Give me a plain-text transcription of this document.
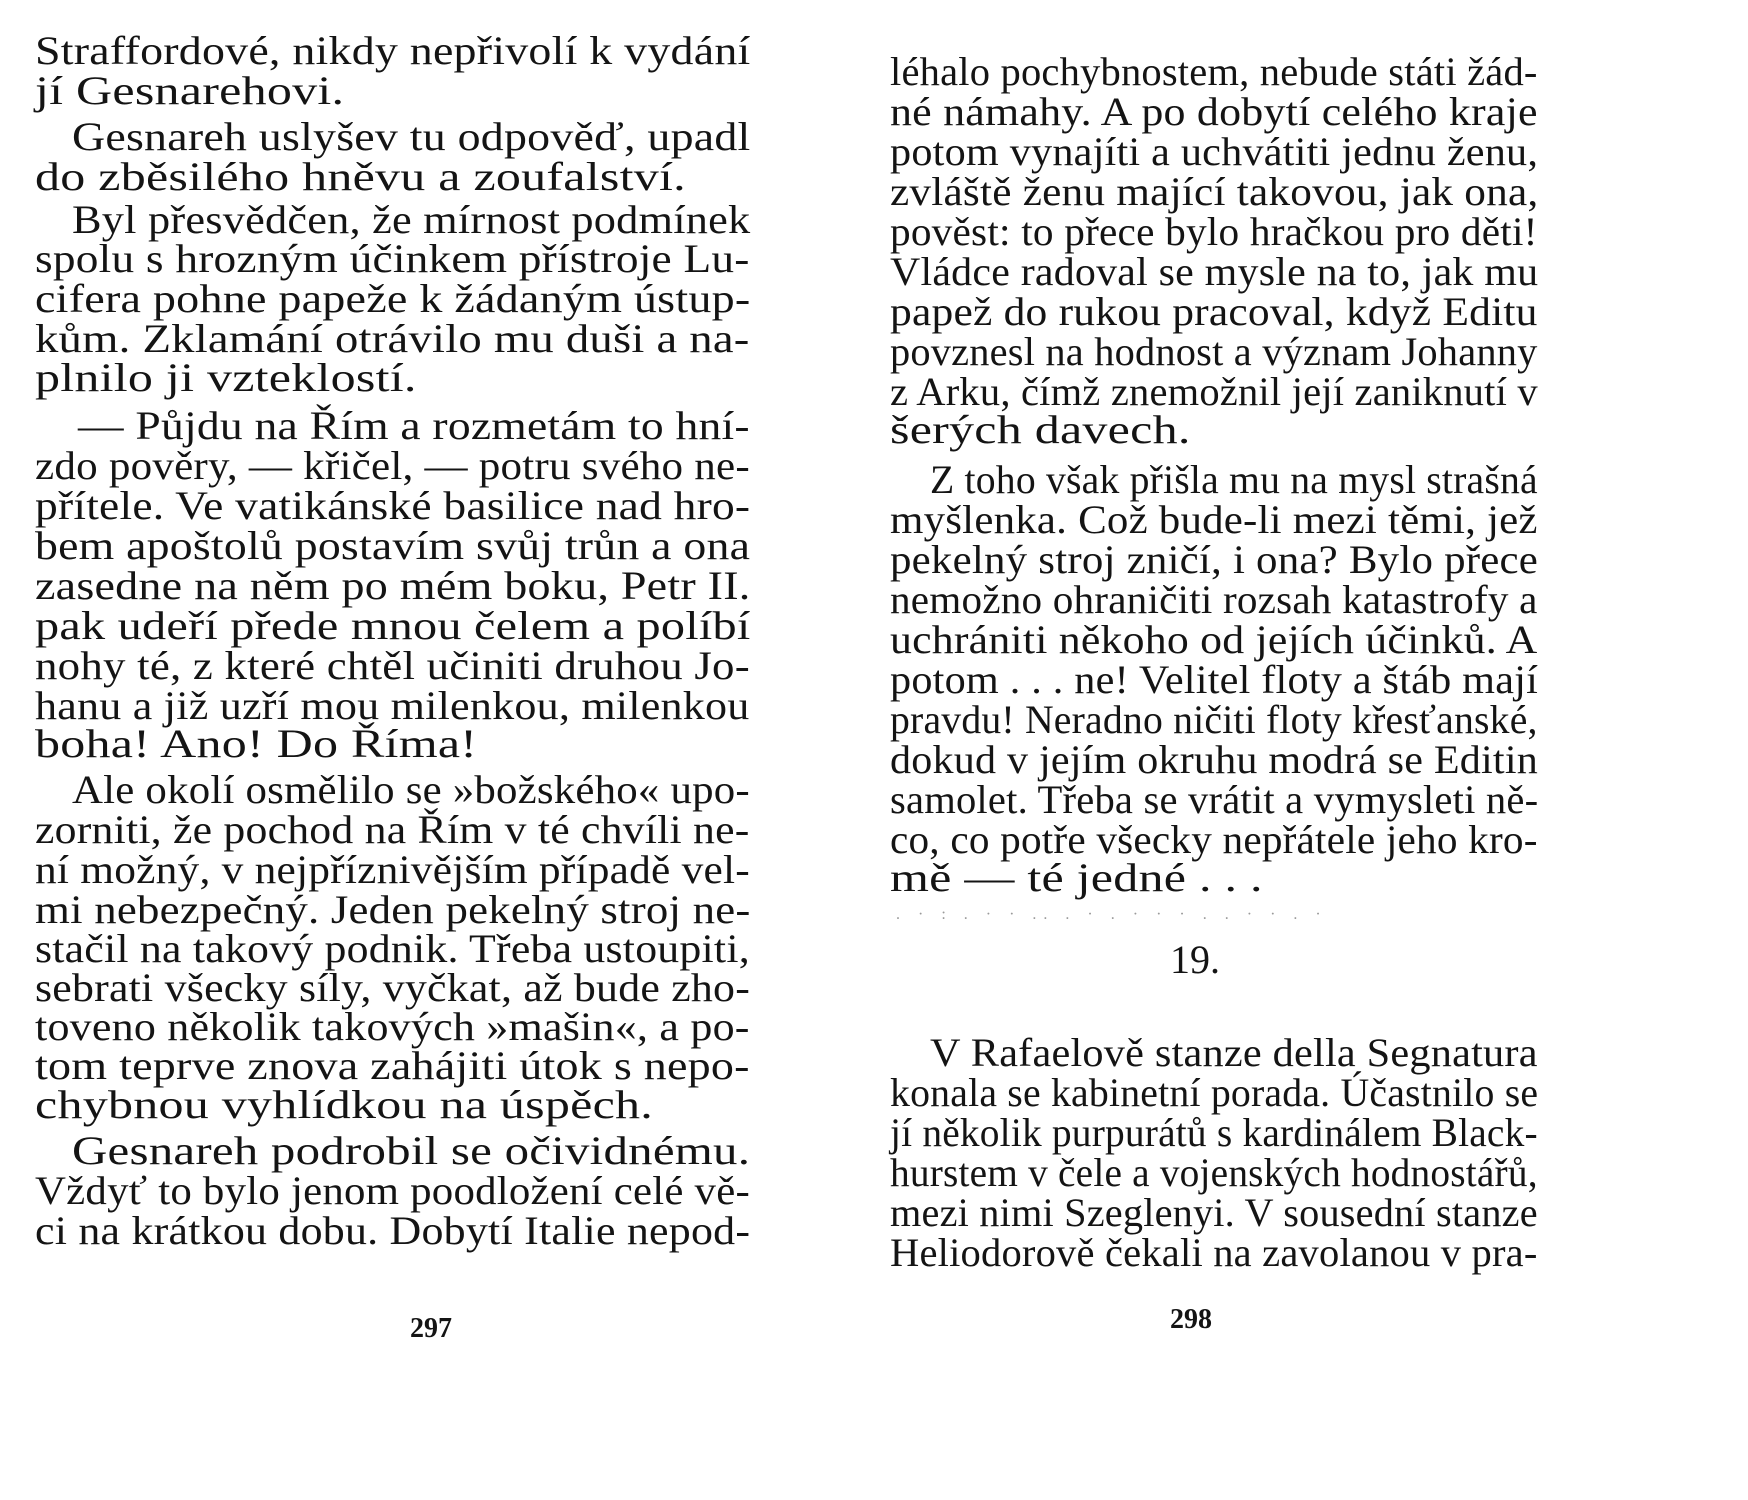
Straffordové, nikdy nepřivolí k vydání
jí Gesnarehovi.
Gesnareh uslyšev tu odpověď, upadl
do zběsilého hněvu a zoufalství.
Byl přesvědčen, že mírnost podmínek
spolu s hrozným účinkem přístroje Lu-
cifera pohne papeže k žádaným ústup-
kům. Zklamání otrávilo mu duši a na-
plnilo ji vzteklostí.
— Půjdu na Řím a rozmetám to hní-
zdo pověry, — křičel, — potru svého ne-
přítele. Ve vatikánské basilice nad hro-
bem apoštolů postavím svůj trůn a ona
zasedne na něm po mém boku, Petr II.
pak udeří přede mnou čelem a políbí
nohy té, z které chtěl učiniti druhou Jo-
hanu a již uzří mou milenkou, milenkou
boha! Ano! Do Říma!
Ale okolí osmělilo se »božského« upo-
zorniti, že pochod na Řím v té chvíli ne-
ní možný, v nejpříznivějším případě vel-
mi nebezpečný. Jeden pekelný stroj ne-
stačil na takový podnik. Třeba ustoupiti,
sebrati všecky síly, vyčkat, až bude zho-
toveno několik takových »mašin«, a po-
tom teprve znova zahájiti útok s nepo-
chybnou vyhlídkou na úspěch.
Gesnareh podrobil se očividnému.
Vždyť to bylo jenom poodložení celé vě-
ci na krátkou dobu. Dobytí Italie nepod-
297
léhalo pochybnostem, nebude státi žád-
né námahy. A po dobytí celého kraje
potom vynajíti a uchvátiti jednu ženu,
zvláště ženu mající takovou, jak ona,
pověst: to přece bylo hračkou pro děti!
Vládce radoval se mysle na to, jak mu
papež do rukou pracoval, když Editu
povznesl na hodnost a význam Johanny
z Arku, čímž znemožnil její zaniknutí v
šerých davech.
Z toho však přišla mu na mysl strašná
myšlenka. Což bude-li mezi těmi, jež
pekelný stroj zničí, i ona? Bylo přece
nemožno ohraničiti rozsah katastrofy a
uchrániti někoho od jejích účinků. A
potom . . . ne! Velitel floty a štáb mají
pravdu! Neradno ničiti floty křesťanské,
dokud v jejím okruhu modrá se Editin
samolet. Třeba se vrátit a vymysleti ně-
co, co potře všecky nepřátele jeho kro-
mě — té jedné . . .
. · : . · · .. . · . · · · . . · · . ·
19.
V Rafaelově stanze della Segnatura
konala se kabinetní porada. Účastnilo se
jí několik purpurátů s kardinálem Black-
hurstem v čele a vojenských hodnostářů,
mezi nimi Szeglenyi. V sousední stanze
Heliodorově čekali na zavolanou v pra-
298
